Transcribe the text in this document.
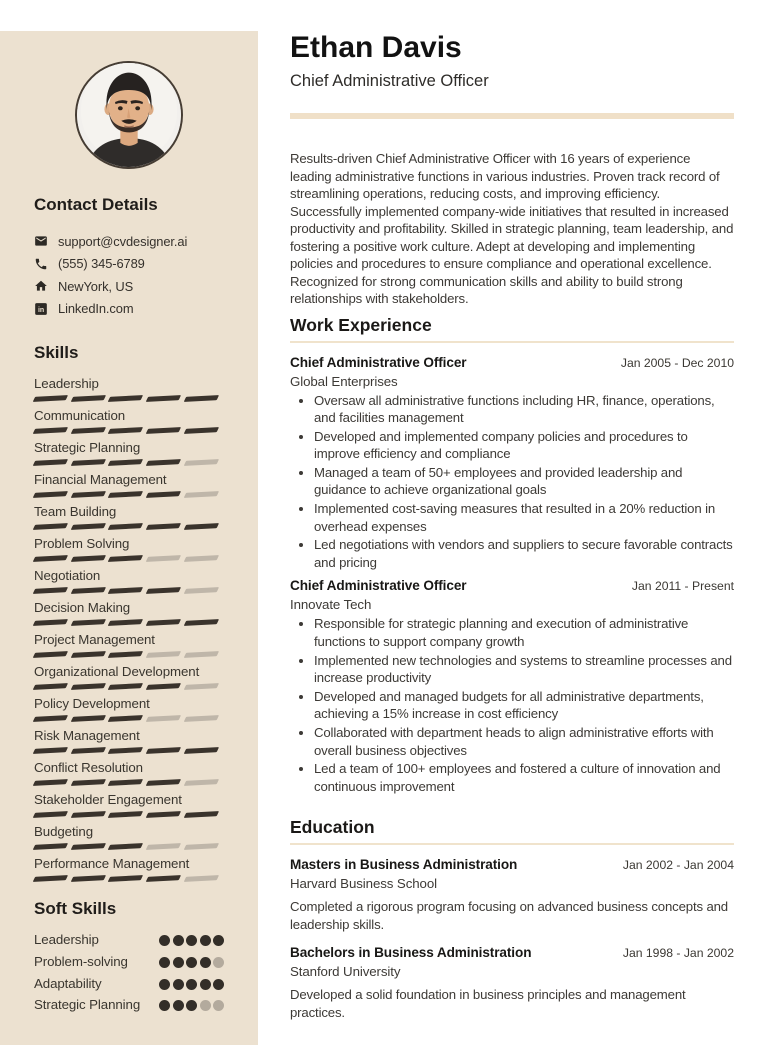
Contact Details
support@cvdesigner.ai
(555) 345-6789
NewYork, US
in LinkedIn.com
Skills
Leadership
Communication
Strategic Planning
Financial Management
Team Building
Problem Solving
Negotiation
Decision Making
Project Management
Organizational Development
Policy Development
Risk Management
Conflict Resolution
Stakeholder Engagement
Budgeting
Performance Management
Soft Skills
Leadership
Problem-solving
Adaptability
Strategic Planning
Ethan Davis
Chief Administrative Officer

Results-driven Chief Administrative Officer with 16 years of experience leading administrative functions in various industries. Proven track record of streamlining operations, reducing costs, and improving efficiency. Successfully implemented company-wide initiatives that resulted in increased productivity and profitability. Skilled in strategic planning, team leadership, and fostering a positive work culture. Adept at developing and implementing policies and procedures to ensure compliance and operational excellence. Recognized for strong communication skills and ability to build strong relationships with stakeholders.

Work Experience
Chief Administrative Officer	Jan 2005 - Dec 2010
Global Enterprises
• Oversaw all administrative functions including HR, finance, operations, and facilities management
• Developed and implemented company policies and procedures to improve efficiency and compliance
• Managed a team of 50+ employees and provided leadership and guidance to achieve organizational goals
• Implemented cost-saving measures that resulted in a 20% reduction in overhead expenses
• Led negotiations with vendors and suppliers to secure favorable contracts and pricing
Chief Administrative Officer	Jan 2011 - Present
Innovate Tech
• Responsible for strategic planning and execution of administrative functions to support company growth
• Implemented new technologies and systems to streamline processes and increase productivity
• Developed and managed budgets for all administrative departments, achieving a 15% increase in cost efficiency
• Collaborated with department heads to align administrative efforts with overall business objectives
• Led a team of 100+ employees and fostered a culture of innovation and continuous improvement
Education
Masters in Business Administration	Jan 2002 - Jan 2004
Harvard Business School

Completed a rigorous program focusing on advanced business concepts and leadership skills.

Bachelors in Business Administration	Jan 1998 - Jan 2002
Stanford University

Developed a solid foundation in business principles and management practices.
